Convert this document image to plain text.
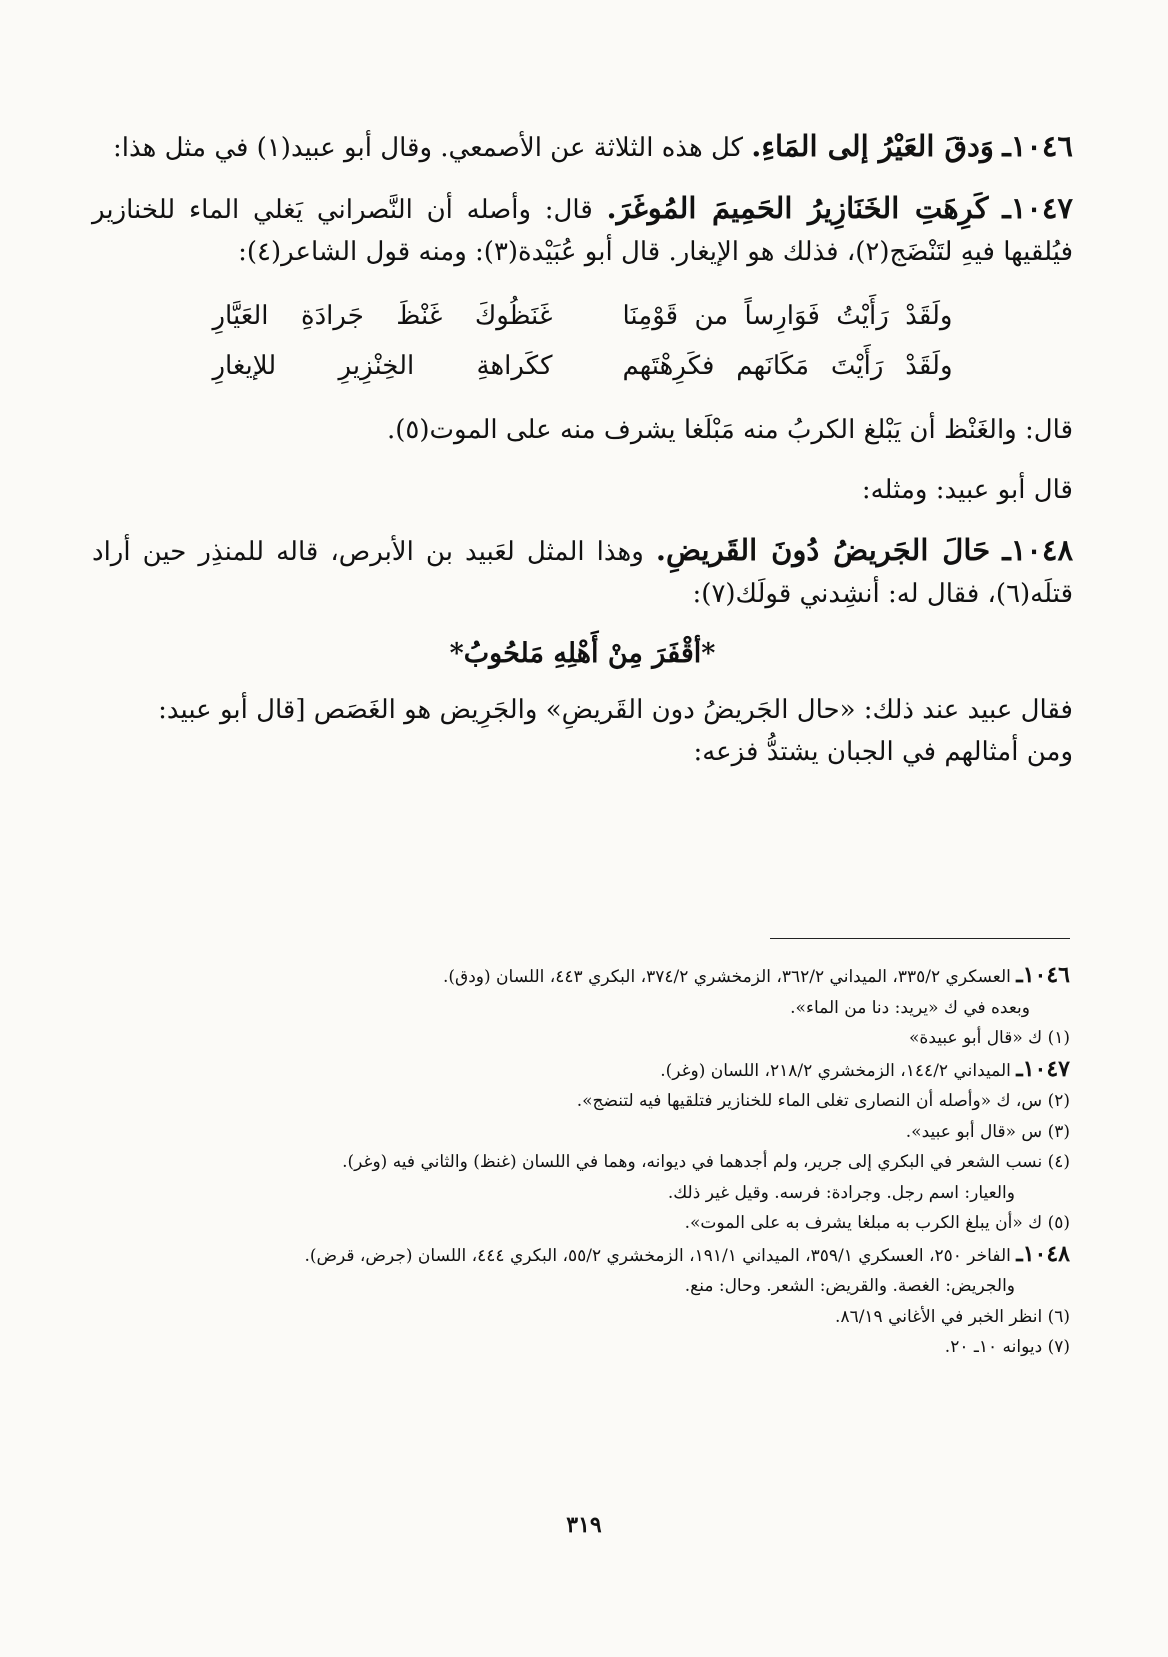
١٠٤٦ـ وَدقَ العَيْرُ إلى المَاءِ. كل هذه الثلاثة عن الأصمعي. وقال أبو عبيد(١) في مثل هذا:

١٠٤٧ـ كَرِهَتِ الخَنَازِيرُ الحَمِيمَ المُوغَرَ. قال: وأصله أن النَّصراني يَغلي الماء للخنازير فيُلقيها فيهِ لتَنْضَج(٢)، فذلك هو الإيغار. قال أبو عُبَيْدة(٣): ومنه قول الشاعر(٤):

ولَقَدْ رَأَيْتُ فَوَارِساً من قَوْمِنَا
غَنَظُوكَ غَنْظَ جَرادَةِ العَيَّارِ
ولَقَدْ رَأَيْتَ مَكَانَهم فكَرِهْتَهم
ككَراهةِ الخِنْزِيرِ للإيغارِ

قال: والغَنْظ أن يَبْلغ الكربُ منه مَبْلَغا يشرف منه على الموت(٥).

قال أبو عبيد: ومثله:

١٠٤٨ـ حَالَ الجَريضُ دُونَ القَريضِ. وهذا المثل لعَبيد بن الأبرص، قاله للمنذِر حين أراد قتلَه(٦)، فقال له: أنشِدني قولَك(٧):

*أقْفَرَ مِنْ أَهْلِهِ مَلحُوبُ*

فقال عبيد عند ذلك: «حال الجَريضُ دون القَريضِ» والجَرِيض هو الغَصَص [قال أبو عبيد:

ومن أمثالهم في الجبان يشتدُّ فزعه:

١٠٤٦ـ العسكري ٣٣٥/٢، الميداني ٣٦٢/٢، الزمخشري ٣٧٤/٢، البكري ٤٤٣، اللسان (ودق).

وبعده في ك «يريد: دنا من الماء».

(١) ك «قال أبو عبيدة»

١٠٤٧ـ الميداني ١٤٤/٢، الزمخشري ٢١٨/٢، اللسان (وغر).

(٢) س، ك «وأصله أن النصارى تغلى الماء للخنازير فتلقيها فيه لتنضج».

(٣) س «قال أبو عبيد».

(٤) نسب الشعر في البكري إلى جرير، ولم أجدهما في ديوانه، وهما في اللسان (غنظ) والثاني فيه (وغر).

والعيار: اسم رجل. وجرادة: فرسه. وقيل غير ذلك.

(٥) ك «أن يبلغ الكرب به مبلغا يشرف به على الموت».

١٠٤٨ـ الفاخر ٢٥٠، العسكري ٣٥٩/١، الميداني ١٩١/١، الزمخشري ٥٥/٢، البكري ٤٤٤، اللسان (جرض، قرض).

والجريض: الغصة. والقريض: الشعر. وحال: منع.

(٦) انظر الخبر في الأغاني ٨٦/١٩.

(٧) ديوانه ١٠ـ ٢٠.

٣١٩
